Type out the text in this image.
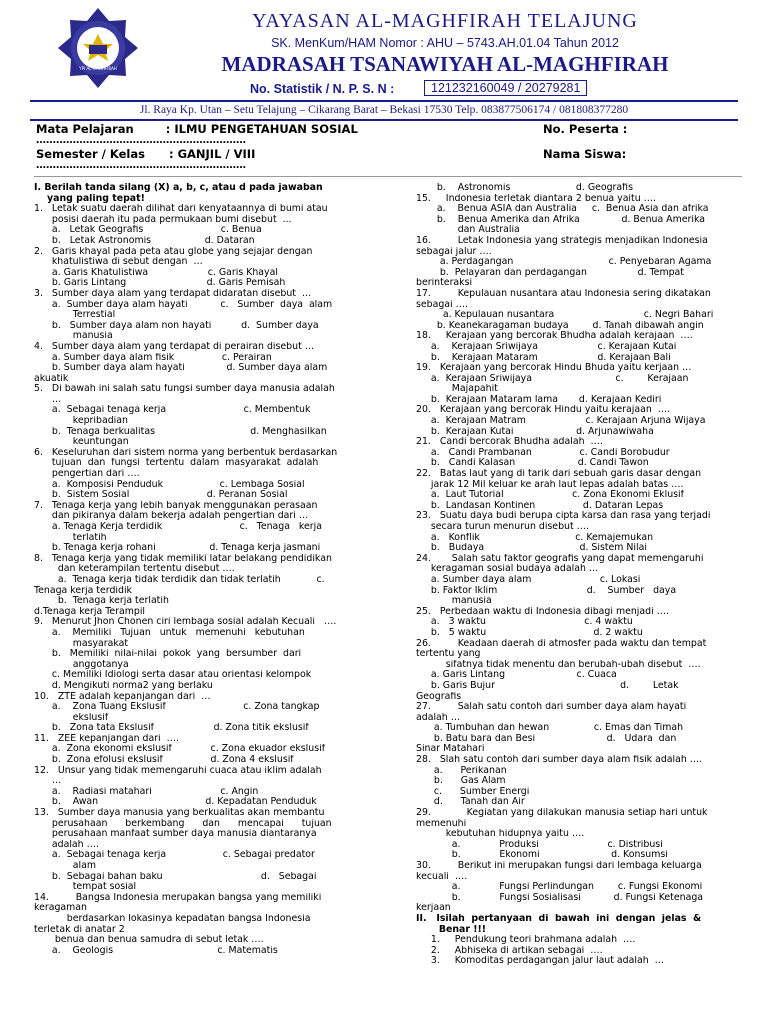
YPI AL-MAGHFIRAH
YAYASAN AL-MAGHFIRAH TELAJUNG
SK. MenKum/HAM Nomor : AHU – 5743.AH.01.04 Tahun 2012
MADRASAH TSANAWIYAH AL-MAGHFIRAH
No. Statistik / N. P. S. N :	121232160049 / 20279281
Jl. Raya Kp. Utan – Setu Telajung – Cikarang Barat – Bekasi 17530 Telp. 083877506174 / 081808377280
Mata Pelajaran        : ILMU PENGETAHUAN SOSIAL
………………………………………………………
No. Peserta :
Semester / Kelas      : GANJIL / VIII
………………………………………………………
Nama Siswa:
I. Berilah tanda silang (X) a, b, c, atau d pada jawaban
yang paling tepat!
1.   Letak suatu daerah dilihat dari kenyataannya di bumi atau
posisi daerah itu pada permukaan bumi disebut  ...
a.   Letak Geografis                          c. Benua
b.   Letak Astronomis                  d. Dataran
2.   Garis khayal pada peta atau globe yang sejajar dengan
khatulistiwa di sebut dengan  …
a. Garis Khatulistiwa                    c. Garis Khayal
b. Garis Lintang                           d. Garis Pemisah
3.   Sumber daya alam yang terdapat didaratan disebut  …
a.  Sumber daya alam hayati           c.   Sumber  daya  alam
Terrestial
b.   Sumber daya alam non hayati          d.  Sumber daya
manusia
4.   Sumber daya alam yang terdapat di perairan disebut …
a. Sumber daya alam fisik                c. Perairan
b. Sumber daya alam hayati              d. Sumber daya alam
akuatik
5.   Di bawah ini salah satu fungsi sumber daya manusia adalah
…
a.  Sebagai tenaga kerja                          c. Membentuk
kepribadian
b.  Tenaga berkualitas                                d. Menghasilkan
keuntungan
6.   Keseluruhan dari sistem norma yang berbentuk berdasarkan
tujuan  dan  fungsi  tertentu  dalam  masyarakat  adalah
pengertian dari ….
a.  Komposisi Penduduk                   c. Lembaga Sosial
b.  Sistem Sosial                          d. Peranan Sosial
7.   Tenaga kerja yang lebih banyak menggunakan perasaan
dan pikiranya dalam bekerja adalah pengertian dari …
a. Tenaga Kerja terdidik                          c.   Tenaga   kerja
terlatih
b. Tenaga kerja rohani                  d. Tenaga kerja jasmani
8.   Tenaga kerja yang tidak memiliki latar belakang pendidikan
dan keterampilan tertentu disebut ….
a.  Tenaga kerja tidak terdidik dan tidak terlatih            c.
Tenaga kerja terdidik
b.  Tenaga kerja terlatih
d.Tenaga kerja Terampil
9.   Menurut Jhon Chonen ciri lembaga sosial adalah Kecuali   ….
a.    Memiliki   Tujuan   untuk   memenuhi   kebutuhan
masyarakat
b.   Memiliki  nilai-nilai  pokok  yang  bersumber  dari
anggotanya
c. Memiliki Idiologi serta dasar atau orientasi kelompok
d. Mengikuti norma2 yang berlaku
10.   ZTE adalah kepanjangan dari  …
a.    Zona Tuang Ekslusif                          c. Zona tangkap
ekslusif
b.   Zona tata Ekslusif                    d. Zona titik ekslusif
11.   ZEE kepanjangan dari  ….
a.  Zona ekonomi ekslusif             c. Zona ekuador ekslusif
b.  Zona efolusi ekslusif                d. Zona 4 ekslusif
12.   Unsur yang tidak memengaruhi cuaca atau iklim adalah
…
a.    Radiasi matahari                       c. Angin
b.    Awan                                    d. Kepadatan Penduduk
13.   Sumber daya manusia yang berkualitas akan membantu
perusahaan      berkembang      dan      mencapai      tujuan
perusahaan manfaat sumber daya manusia diantaranya
adalah ….
a.  Sebagai tenaga kerja                   c. Sebagai predator
alam
b.  Sebagai bahan baku                                 d.   Sebagai
tempat sosial
14.         Bangsa Indonesia merupakan bangsa yang memiliki
keragaman
berdasarkan lokasinya kepadatan bangsa Indonesia
terletak di anatar 2
benua dan benua samudra di sebut letak ….
a.    Geologis                                   c. Matematis
b.    Astronomis                      d. Geografis
15.     Indonesia terletak diantara 2 benua yaitu ….
a.    Benua ASIA dan Australia     c.  Benua Asia dan afrika
b.    Benua Amerika dan Afrika              d. Benua Amerika
dan Australia
16.         Letak Indonesia yang strategis menjadikan Indonesia
sebagai jalur ….
a. Perdagangan                                c. Penyebaran Agama
b.  Pelayaran dan perdagangan                 d. Tempat
berinteraksi
17.         Kepulauan nusantara atau Indonesia sering dikatakan
sebagai ….
a. Kepulauan nusantara                              c. Negri Bahari
b. Keanekaragaman budaya        d. Tanah dibawah angin
18.     Kerajaan yang bercorak Bhudha adalah kerajaan  ….
a.    Kerajaan Sriwijaya                    c. Kerajaan Kutai
b.    Kerajaan Mataram                    d. Kerajaan Bali
19.   Kerajaan yang bercorak Hindu Bhuda yaitu kerjaan …
a.  Kerajaan Sriwijaya                            c.        Kerajaan
Majapahit
b.  Kerajaan Mataram lama       d. Kerajaan Kediri
20.   Kerajaan yang bercorak Hindu yaitu kerajaan  ….
a.  Kerajaan Matram                    c. Kerajaan Arjuna Wijaya
b.  Kerajaan Kutai                     d. Arjunawiwaha
21.   Candi bercorak Bhudha adalah  ….
a.   Candi Prambanan                c. Candi Borobudur
b.   Candi Kalasan                     d. Candi Tawon
22.   Batas laut yang di tarik dari sebuah garis dasar dengan
jarak 12 Mil keluar ke arah laut lepas adalah batas ….
a.  Laut Tutorial                       c. Zona Ekonomi Eklusif
b.  Landasan Kontinen                d. Dataran Lepas
23.   Suatu daya budi berupa cipta karsa dan rasa yang terjadi
secara turun menurun disebut ….
a.   Konflik                                c. Kemajemukan
b.   Budaya                                d. Sistem Nilai
24.       Salah satu faktor geografis yang dapat memengaruhi
keragaman sosial budaya adalah …
a. Sumber daya alam                       c. Lokasi
b. Faktor Iklim                              d.    Sumber   daya
manusia
25.   Perbedaan waktu di Indonesia dibagi menjadi ….
a.   3 waktu                                 c. 4 waktu
b.   5 waktu                                    d. 2 waktu
26.         Keadaan daerah di atmosfer pada waktu dan tempat
tertentu yang
sifatnya tidak menentu dan berubah-ubah disebut  ….
a. Garis Lintang                        c. Cuaca
b. Garis Bujur                                          d.        Letak
Geografis
27.         Salah satu contoh dari sumber daya alam hayati
adalah …
a. Tumbuhan dan hewan               c. Emas dan Timah
b. Batu bara dan Besi                        d.   Udara  dan
Sinar Matahari
28.   Slah satu contoh dari sumber daya alam fisik adalah ….
a.      Perikanan
b.      Gas Alam
c.      Sumber Energi
d.      Tanah dan Air
29.            Kegiatan yang dilakukan manusia setiap hari untuk
memenuhi
kebutuhan hidupnya yaitu ….
a.             Produksi                       c. Distribusi
b.             Ekonomi                        d. Konsumsi
30.         Berikut ini merupakan fungsi dari lembaga keluarga
kecuali  ….
a.             Fungsi Perlindungan        c. Fungsi Ekonomi
b.             Fungsi Sosialisasi           d. Fungsi Ketenaga
kerjaan
II.   Isilah  pertanyaan  di  bawah  ini  dengan  jelas  &
Benar !!!
1.     Pendukung teori brahmana adalah  ….
2.     Abhiseka di artikan sebagai  ….
3.     Komoditas perdagangan jalur laut adalah  …
